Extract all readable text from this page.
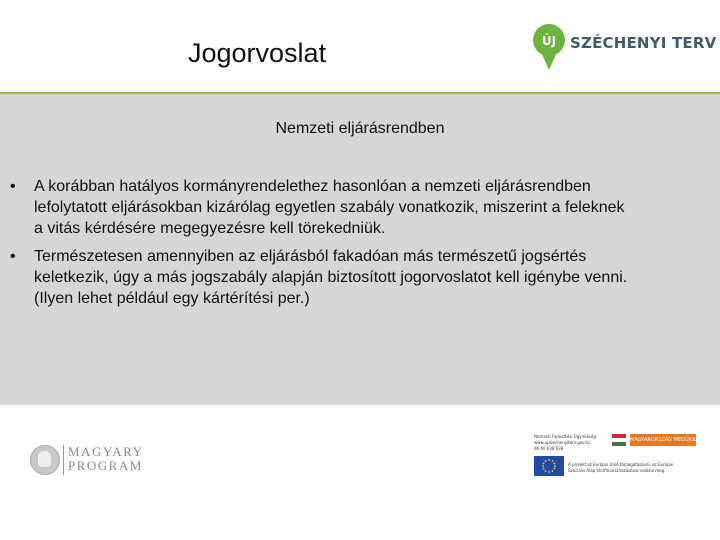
Jogorvoslat	ÚJ SZÉCHENYI TERV
Nemzeti eljárásrendben
• A korábban hatályos kormányrendelethez hasonlóan a nemzeti eljárásrendben
lefolytatott eljárásokban kizárólag egyetlen szabály vonatkozik, miszerint a feleknek
a vitás kérdésére megegyezésre kell törekedniük.
• Természetesen amennyiben az eljárásból fakadóan más természetű jogsértés
keletkezik, úgy a más jogszabály alapján biztosított jogorvoslatot kell igénybe venni.
(Ilyen lehet például egy kártérítési per.)
MAGYARY
PROGRAM
Nemzeti Fejlesztési Ügynökség
www.ujszechenyiterv.gov.hu
06 40 638 638
MAGYARORSZÁG MEGÚJUL
A projekt az Európai Unió támogatásával, az Európai
Szociális Alap társfinanszírozásával valósul meg.
